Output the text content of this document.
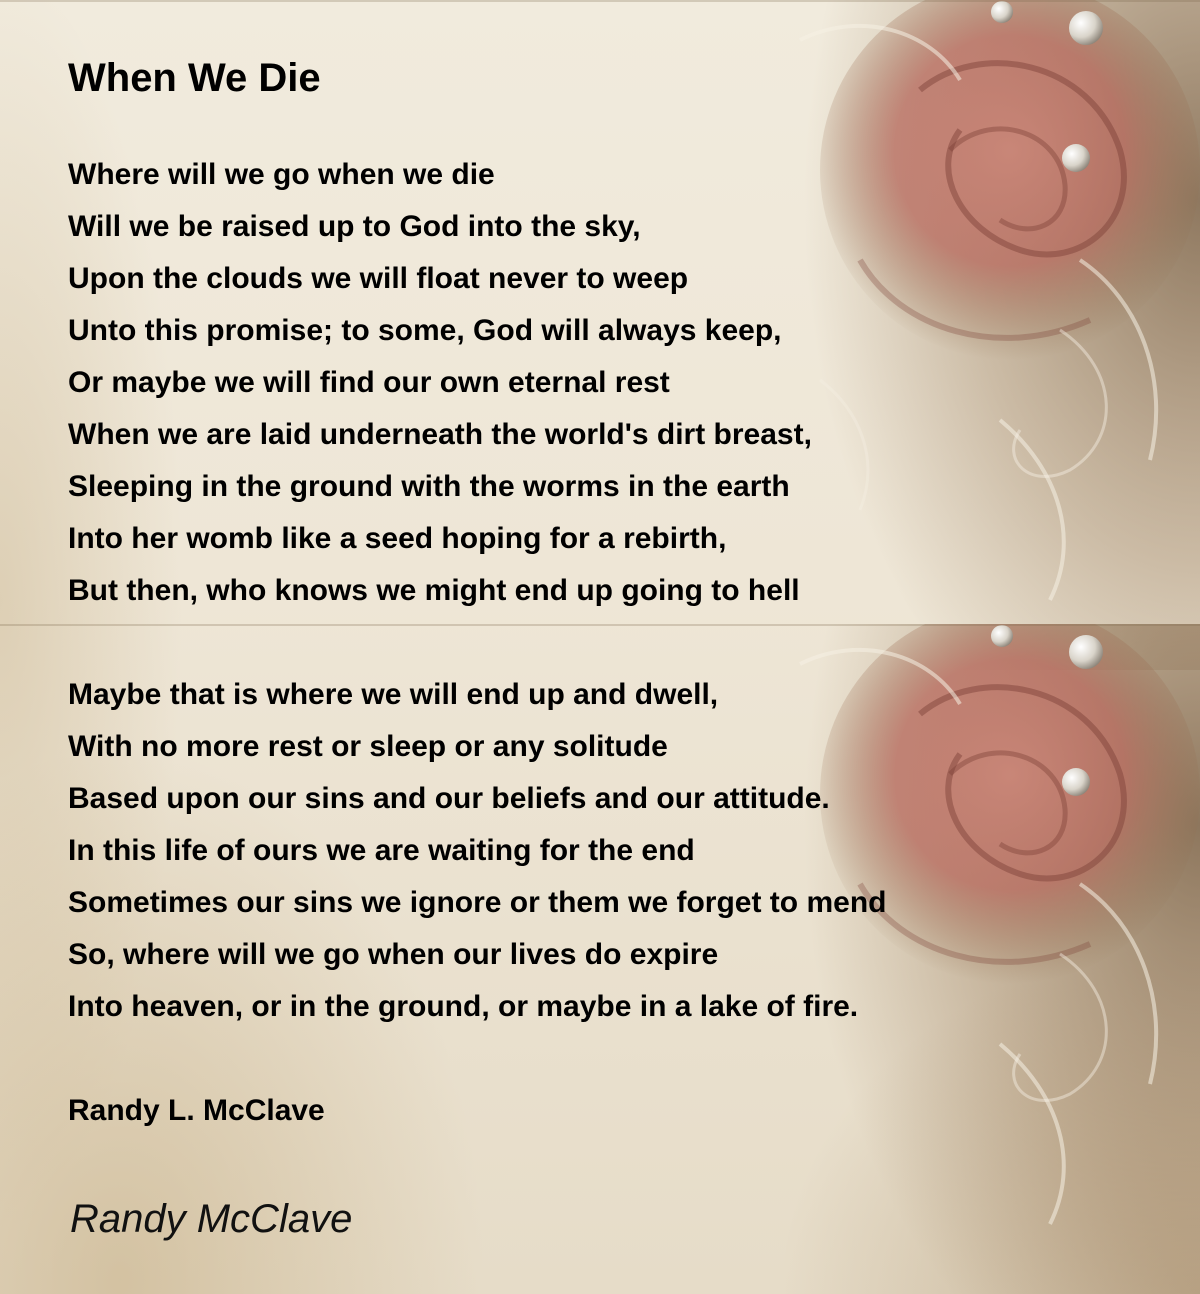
When We Die
Where will we go when we die
Will we be raised up to God into the sky,
Upon the clouds we will float never to weep
Unto this promise; to some, God will always keep,
Or maybe we will find our own eternal rest
When we are laid underneath the world's dirt breast,
Sleeping in the ground with the worms in the earth
Into her womb like a seed hoping for a rebirth,
But then, who knows we might end up going to hell
Maybe that is where we will end up and dwell,
With no more rest or sleep or any solitude
Based upon our sins and our beliefs and our attitude.
In this life of ours we are waiting for the end
Sometimes our sins we ignore or them we forget to mend
So, where will we go when our lives do expire
Into heaven, or in the ground, or maybe in a lake of fire.

Randy L. McClave

Randy McClave
